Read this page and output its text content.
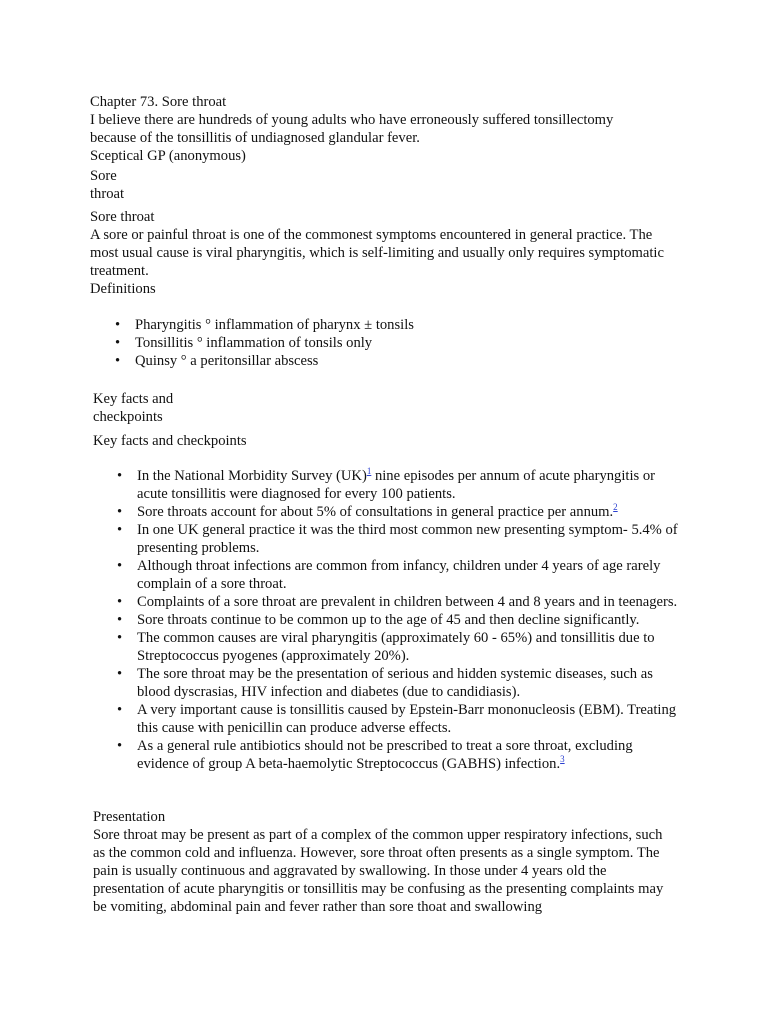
Chapter 73. Sore throat
I believe there are hundreds of young adults who have erroneously suffered tonsillectomy because of the tonsillitis of undiagnosed glandular fever.
Sceptical GP (anonymous)
Sore
throat
Sore throat
A sore or painful throat is one of the commonest symptoms encountered in general practice. The most usual cause is viral pharyngitis, which is self-limiting and usually only requires symptomatic treatment.
Definitions
• Pharyngitis ° inflammation of pharynx ± tonsils
• Tonsillitis ° inflammation of tonsils only
• Quinsy ° a peritonsillar abscess
Key facts and
checkpoints
Key facts and checkpoints
• In the National Morbidity Survey (UK)$^1$ nine episodes per annum of acute pharyngitis or acute tonsillitis were diagnosed for every 100 patients.
• Sore throats account for about 5% of consultations in general practice per annum.$^2$
• In one UK general practice it was the third most common new presenting symptom- 5.4% of presenting problems.
• Although throat infections are common from infancy, children under 4 years of age rarely complain of a sore throat.
• Complaints of a sore throat are prevalent in children between 4 and 8 years and in teenagers.
• Sore throats continue to be common up to the age of 45 and then decline significantly.
• The common causes are viral pharyngitis (approximately 60 - 65%) and tonsillitis due to Streptococcus pyogenes (approximately 20%).
• The sore throat may be the presentation of serious and hidden systemic diseases, such as blood dyscrasias, HIV infection and diabetes (due to candidiasis).
• A very important cause is tonsillitis caused by Epstein-Barr mononucleosis (EBM). Treating this cause with penicillin can produce adverse effects.
• As a general rule antibiotics should not be prescribed to treat a sore throat, excluding evidence of group A beta-haemolytic Streptococcus (GABHS) infection.$^3$
Presentation
Sore throat may be present as part of a complex of the common upper respiratory infections, such as the common cold and influenza. However, sore throat often presents as a single symptom. The pain is usually continuous and aggravated by swallowing. In those under 4 years old the presentation of acute pharyngitis or tonsillitis may be confusing as the presenting complaints may be vomiting, abdominal pain and fever rather than sore thoat and swallowing
